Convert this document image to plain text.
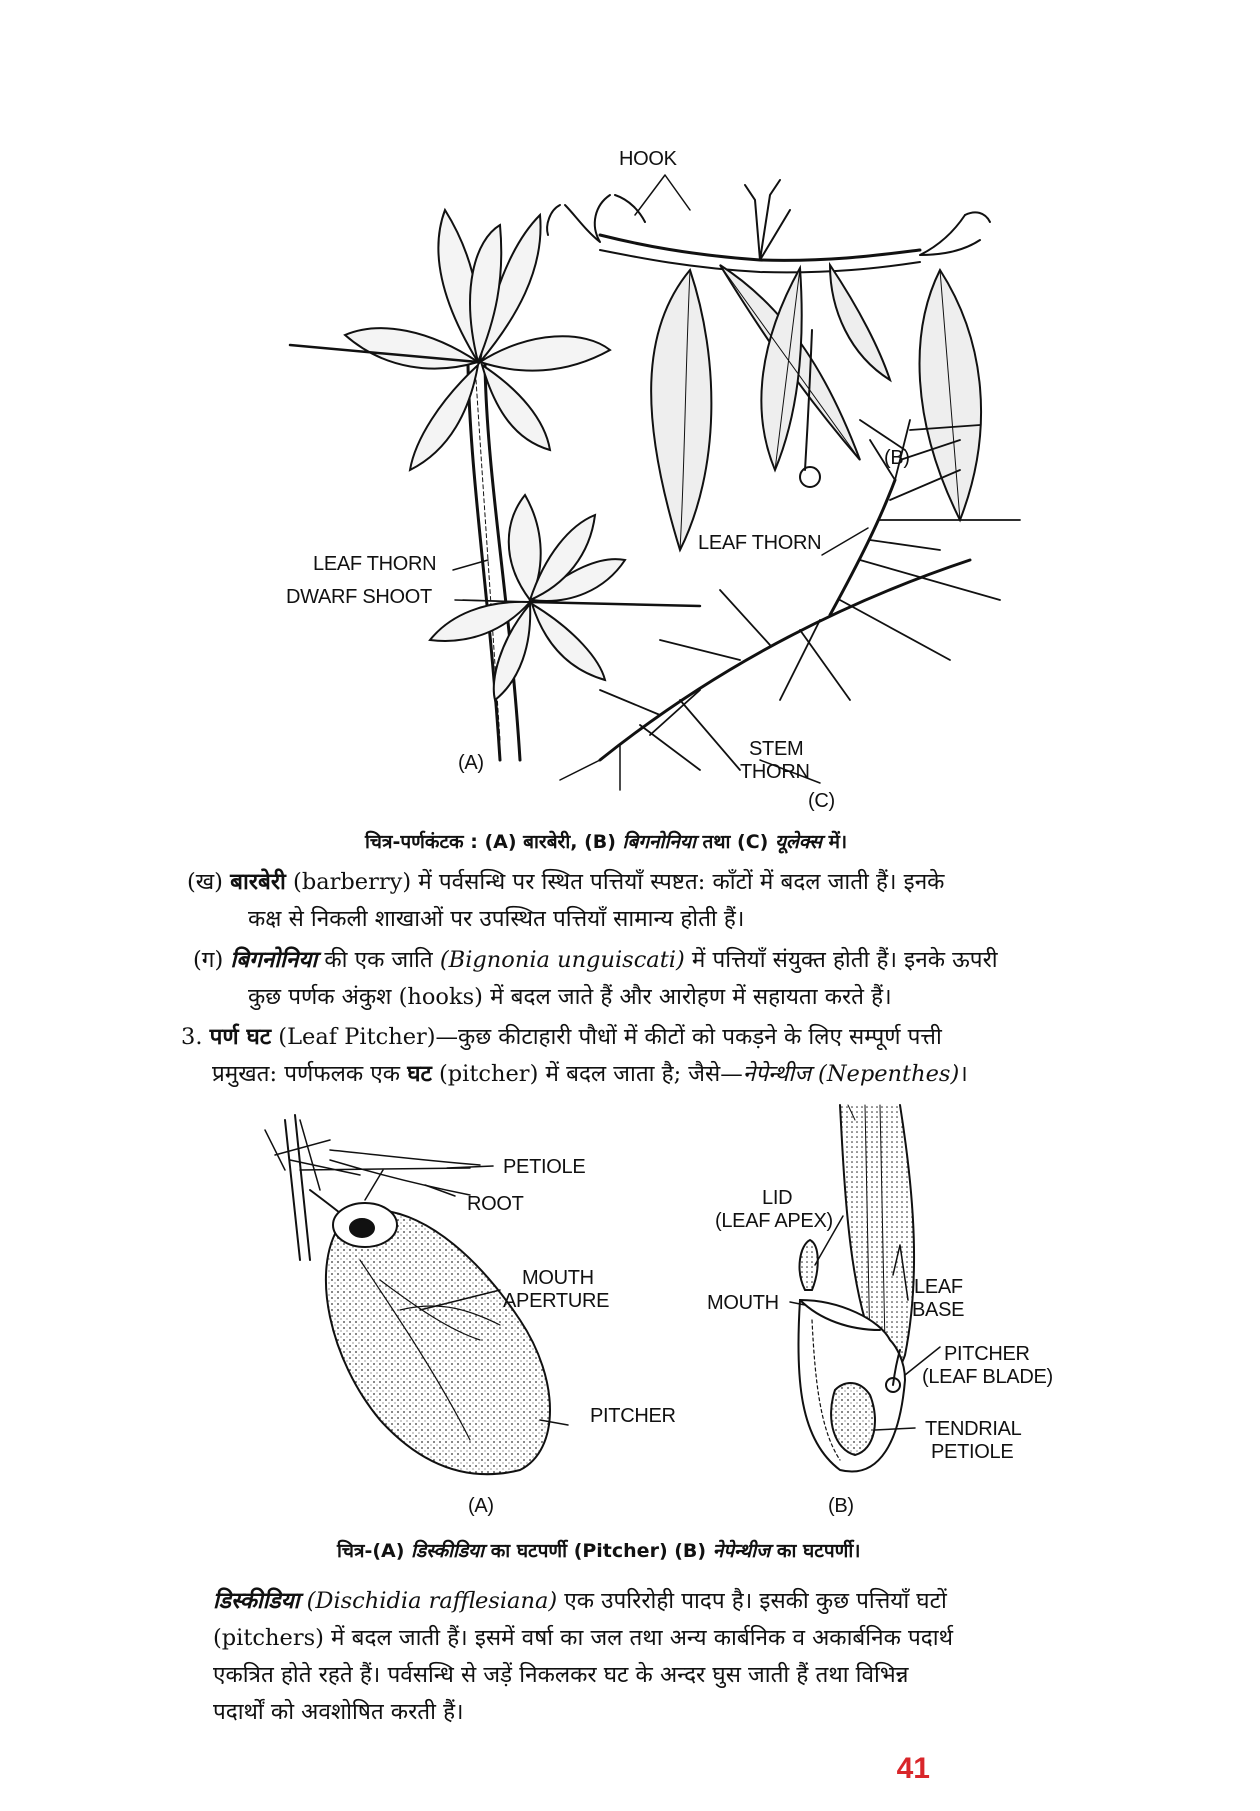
HOOK
LEAF THORN
DWARF SHOOT
LEAF THORN
(B)
STEM
THORN
(A)
(C)
चित्र-पर्णकंटक : (A) बारबेरी, (B) बिगनोनिया तथा (C) यूलेक्स में।
(ख) बारबेरी (barberry) में पर्वसन्धि पर स्थित पत्तियाँ स्पष्टत: काँटों में बदल जाती हैं। इनके
कक्ष से निकली शाखाओं पर उपस्थित पत्तियाँ सामान्य होती हैं।
(ग) बिगनोनिया की एक जाति (Bignonia unguiscati) में पत्तियाँ संयुक्त होती हैं। इनके ऊपरी
कुछ पर्णक अंकुश (hooks) में बदल जाते हैं और आरोहण में सहायता करते हैं।
3. पर्ण घट (Leaf Pitcher)—कुछ कीटाहारी पौधों में कीटों को पकड़ने के लिए सम्पूर्ण पत्ती
प्रमुखत: पर्णफलक एक घट (pitcher) में बदल जाता है; जैसे—नेपेन्थीज (Nepenthes)।
PETIOLE
ROOT
MOUTH
APERTURE
PITCHER
(A)
LID
(LEAF APEX)
MOUTH
LEAF
BASE
PITCHER
(LEAF BLADE)
TENDRIAL
PETIOLE
(B)
चित्र-(A) डिस्कीडिया का घटपर्णी (Pitcher) (B) नेपेन्थीज का घटपर्णी।
डिस्कीडिया (Dischidia rafflesiana) एक उपरिरोही पादप है। इसकी कुछ पत्तियाँ घटों
(pitchers) में बदल जाती हैं। इसमें वर्षा का जल तथा अन्य कार्बनिक व अकार्बनिक पदार्थ
एकत्रित होते रहते हैं। पर्वसन्धि से जड़ें निकलकर घट के अन्दर घुस जाती हैं तथा विभिन्न
पदार्थों को अवशोषित करती हैं।
41
